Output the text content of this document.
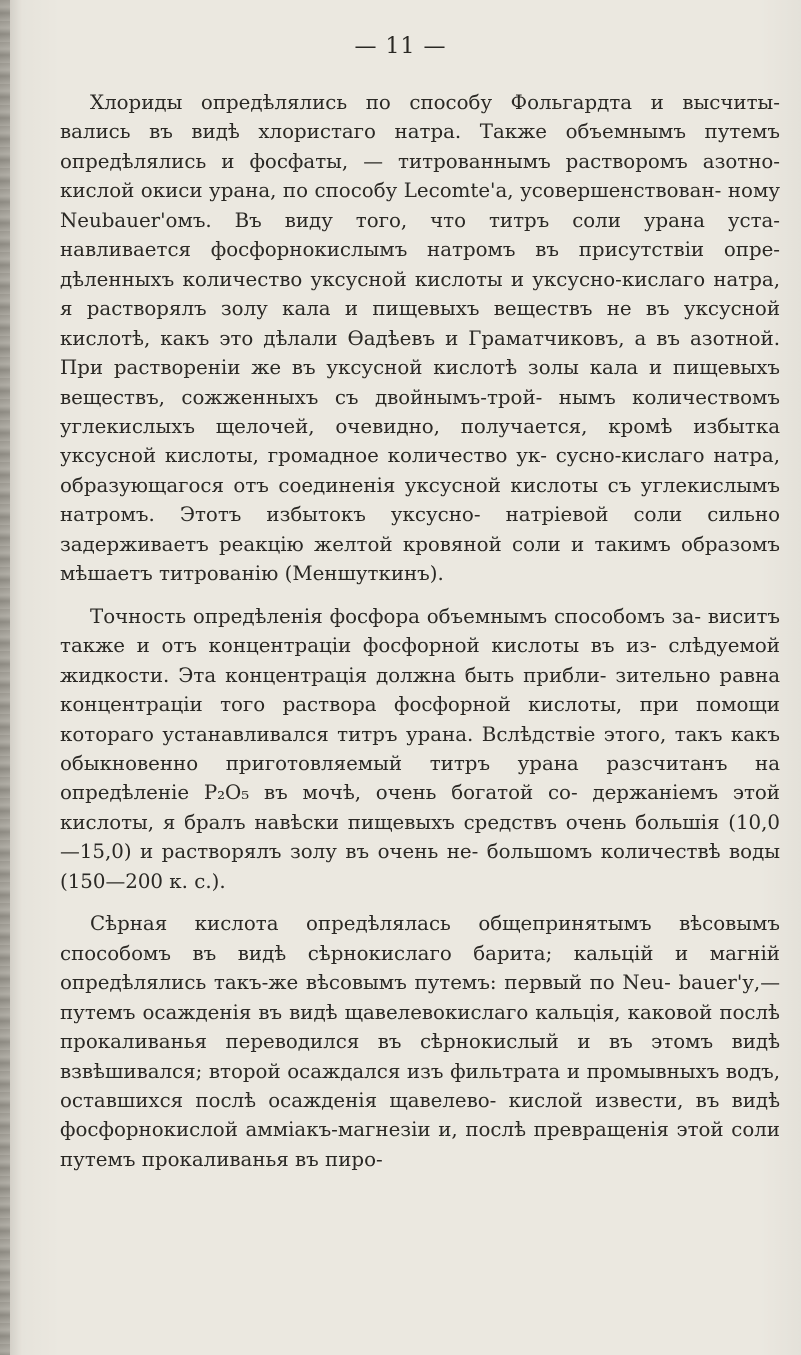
— 11 —

Хлориды опредѣлялись по способу Фольгардта и высчиты- вались въ видѣ хлористаго натра. Также объемнымъ путемъ опредѣлялись и фосфаты, — титрованнымъ растворомъ азотно- кислой окиси урана, по способу Lecomte'a, усовершенствован- ному Neubauer'омъ. Въ виду того, что титръ соли урана уста- навливается фосфорнокислымъ натромъ въ присутствіи опре- дѣленныхъ количество уксусной кислоты и уксусно-кислаго натра, я растворялъ золу кала и пищевыхъ веществъ не въ уксусной кислотѣ, какъ это дѣлали Ѳадѣевъ и Граматчиковъ, а въ азотной. При раствореніи же въ уксусной кислотѣ золы кала и пищевыхъ веществъ, сожженныхъ съ двойнымъ-трой- нымъ количествомъ углекислыхъ щелочей, очевидно, получается, кромѣ избытка уксусной кислоты, громадное количество ук- сусно-кислаго натра, образующагося отъ соединенія уксусной кислоты съ углекислымъ натромъ. Этотъ избытокъ уксусно- натріевой соли сильно задерживаетъ реакцію желтой кровяной соли и такимъ образомъ мѣшаетъ титрованію (Меншуткинъ).

Точность опредѣленія фосфора объемнымъ способомъ за- виситъ также и отъ концентраціи фосфорной кислоты въ из- слѣдуемой жидкости. Эта концентрація должна быть прибли- зительно равна концентраціи того раствора фосфорной кислоты, при помощи котораго устанавливался титръ урана. Вслѣдствіе этого, такъ какъ обыкновенно приготовляемый титръ урана разсчитанъ на опредѣленіе P₂O₅ въ мочѣ, очень богатой со- держаніемъ этой кислоты, я бралъ навѣски пищевыхъ средствъ очень большія (10,0—15,0) и растворялъ золу въ очень не- большомъ количествѣ воды (150—200 к. с.).

Сѣрная кислота опредѣлялась общепринятымъ вѣсовымъ способомъ въ видѣ сѣрнокислаго барита; кальцій и магній опредѣлялись такъ-же вѣсовымъ путемъ: первый по Neu- bauer'у,—путемъ осажденія въ видѣ щавелевокислаго кальція, каковой послѣ прокаливанья переводился въ сѣрнокислый и въ этомъ видѣ взвѣшивался; второй осаждался изъ фильтрата и промывныхъ водъ, оставшихся послѣ осажденія щавелево- кислой извести, въ видѣ фосфорнокислой амміакъ-магнезіи и, послѣ превращенія этой соли путемъ прокаливанья въ пиро-
